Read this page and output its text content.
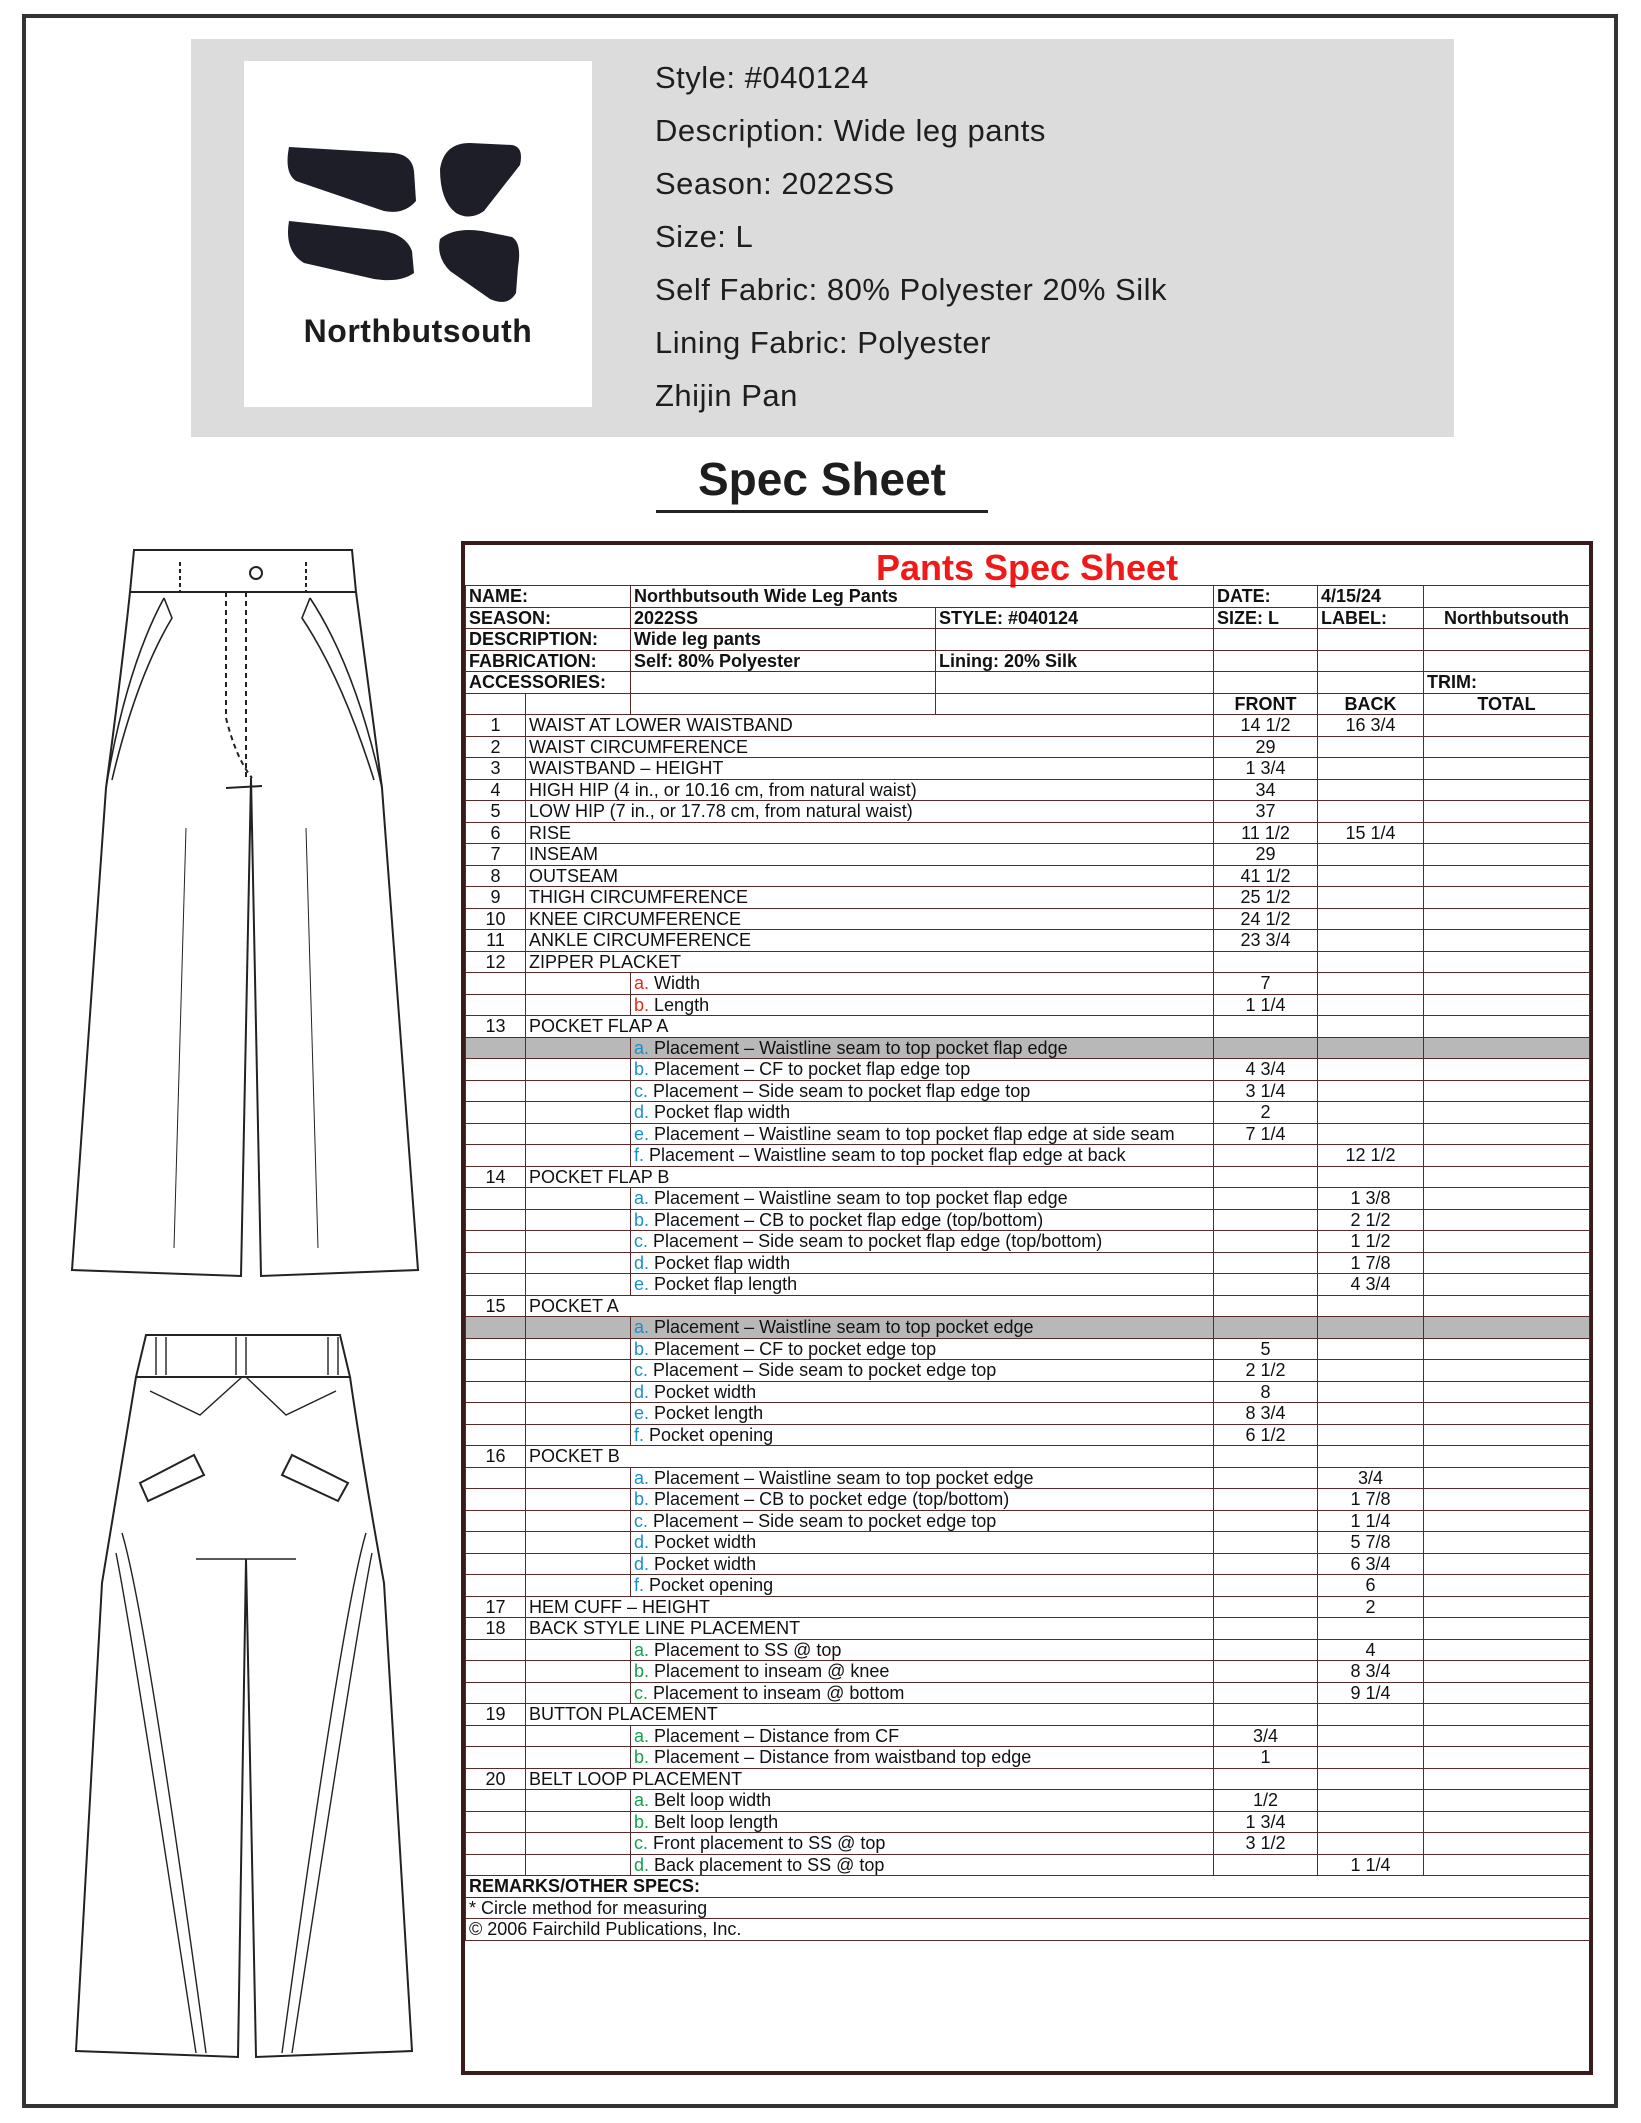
Northbutsouth
Style: #040124
Description: Wide leg pants
Season: 2022SS
Size: L
Self Fabric: 80% Polyester 20% Silk
Lining Fabric: Polyester
Zhijin Pan
Spec Sheet
Pants Spec Sheet
NAME:		Northbutsouth Wide Leg Pants		DATE:	4/15/24	
SEASON:		2022SS	STYLE: #040124	SIZE: L	LABEL:	Northbutsouth
DESCRIPTION:		Wide leg pants				
FABRICATION:		Self: 80% Polyester	Lining: 20% Silk			
ACCESSORIES:						TRIM:
				FRONT	BACK	TOTAL
1	WAIST AT LOWER WAISTBAND			14 1/2	16 3/4	
2	WAIST CIRCUMFERENCE			29		
3	WAISTBAND – HEIGHT			1 3/4		
4	HIGH HIP (4 in., or 10.16 cm, from natural waist)			34		
5	LOW HIP (7 in., or 17.78 cm, from natural waist)			37		
6	RISE			11 1/2	15 1/4	
7	INSEAM			29		
8	OUTSEAM			41 1/2		
9	THIGH CIRCUMFERENCE			25 1/2		
10	KNEE CIRCUMFERENCE			24 1/2		
11	ANKLE CIRCUMFERENCE			23 3/4		
12	ZIPPER PLACKET					
		a. Width		7		
		b. Length		1 1/4		
13	POCKET FLAP A					
		a. Placement – Waistline seam to top pocket flap edge				
		b. Placement – CF to pocket flap edge top		4 3/4		
		c. Placement – Side seam to pocket flap edge top		3 1/4		
		d. Pocket flap width		2		
		e. Placement – Waistline seam to top pocket flap edge at side seam		7 1/4		
		f. Placement – Waistline seam to top pocket flap edge at back			12 1/2	
14	POCKET FLAP B					
		a. Placement – Waistline seam to top pocket flap edge			1 3/8	
		b. Placement – CB to pocket flap edge (top/bottom)			2 1/2	
		c. Placement – Side seam to pocket flap edge (top/bottom)			1 1/2	
		d. Pocket flap width			1 7/8	
		e. Pocket flap length			4 3/4	
15	POCKET A					
		a. Placement – Waistline seam to top pocket edge				
		b. Placement – CF to pocket edge top		5		
		c. Placement – Side seam to pocket edge top		2 1/2		
		d. Pocket width		8		
		e. Pocket length		8 3/4		
		f. Pocket opening		6 1/2		
16	POCKET B					
		a. Placement – Waistline seam to top pocket edge			3/4	
		b. Placement – CB to pocket edge (top/bottom)			1 7/8	
		c. Placement – Side seam to pocket edge top			1 1/4	
		d. Pocket width			5 7/8	
		d. Pocket width			6 3/4	
		f. Pocket opening			6	
17	HEM CUFF – HEIGHT				2	
18	BACK STYLE LINE PLACEMENT					
		a. Placement to SS @ top			4	
		b. Placement to inseam @ knee			8 3/4	
		c. Placement to inseam @ bottom			9 1/4	
19	BUTTON PLACEMENT					
		a. Placement – Distance from CF		3/4		
		b. Placement – Distance from waistband top edge		1		
20	BELT LOOP PLACEMENT					
		a. Belt loop width		1/2		
		b. Belt loop length		1 3/4		
		c. Front placement to SS @ top		3 1/2		
		d. Back placement to SS @ top			1 1/4	
REMARKS/OTHER SPECS:						
* Circle method for measuring						
© 2006 Fairchild Publications, Inc.						
